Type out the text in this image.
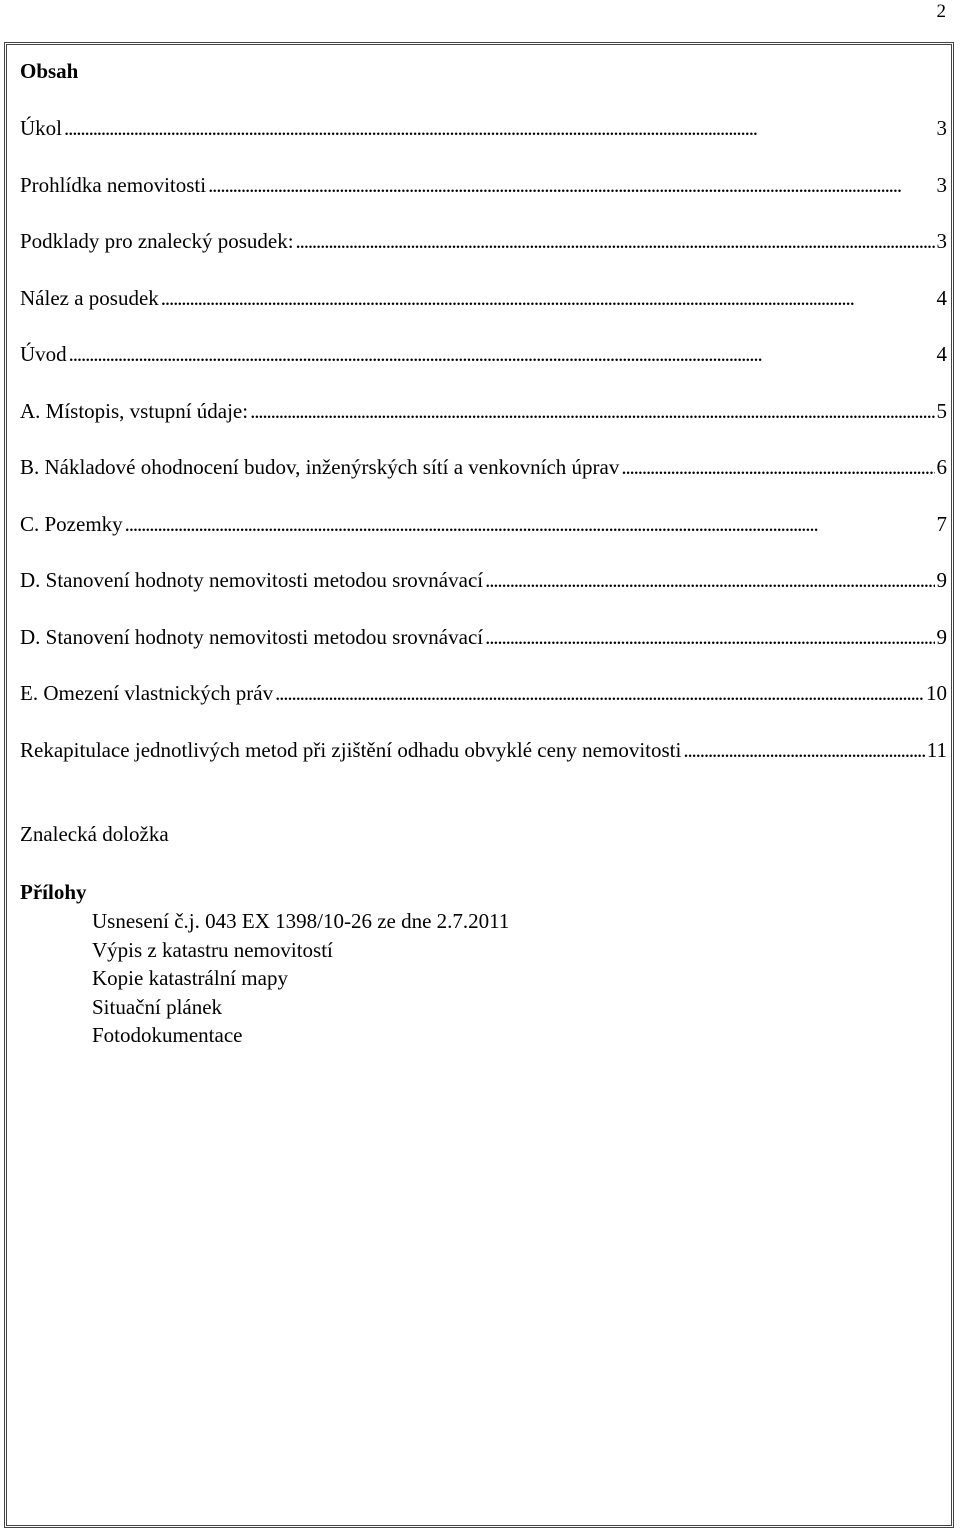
2
Obsah
Úkol . . .	3
Prohlídka nemovitosti . . .	3
Podklady pro znalecký posudek: . . .	3
Nález a posudek . . .	4
Úvod . . .	4
A. Místopis, vstupní údaje: . . .	5
B. Nákladové ohodnocení budov, inženýrských sítí a venkovních úprav . . .	6
C. Pozemky . . .	7
D. Stanovení hodnoty nemovitosti metodou srovnávací . . .	9
D. Stanovení hodnoty nemovitosti metodou srovnávací . . .	9
E. Omezení vlastnických práv . . .	10
Rekapitulace jednotlivých metod při zjištění odhadu obvyklé ceny nemovitosti . . .	11
Znalecká doložka
Přílohy
Usnesení č.j. 043 EX 1398/10-26 ze dne 2.7.2011
Výpis z katastru nemovitostí
Kopie katastrální mapy
Situační plánek
Fotodokumentace
